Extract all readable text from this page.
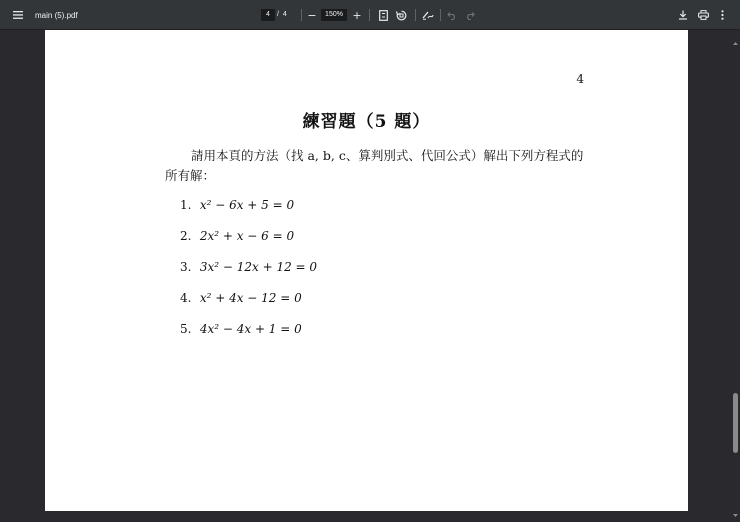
main (5).pdf	4	/ 4	−	150% +
4
練習題（5 題）
請用本頁的方法（找 a, b, c、算判別式、代回公式）解出下列方程式的所有解：
1. x² − 6x + 5 = 0
2. 2x² + x − 6 = 0
3. 3x² − 12x + 12 = 0
4. x² + 4x − 12 = 0
5. 4x² − 4x + 1 = 0
